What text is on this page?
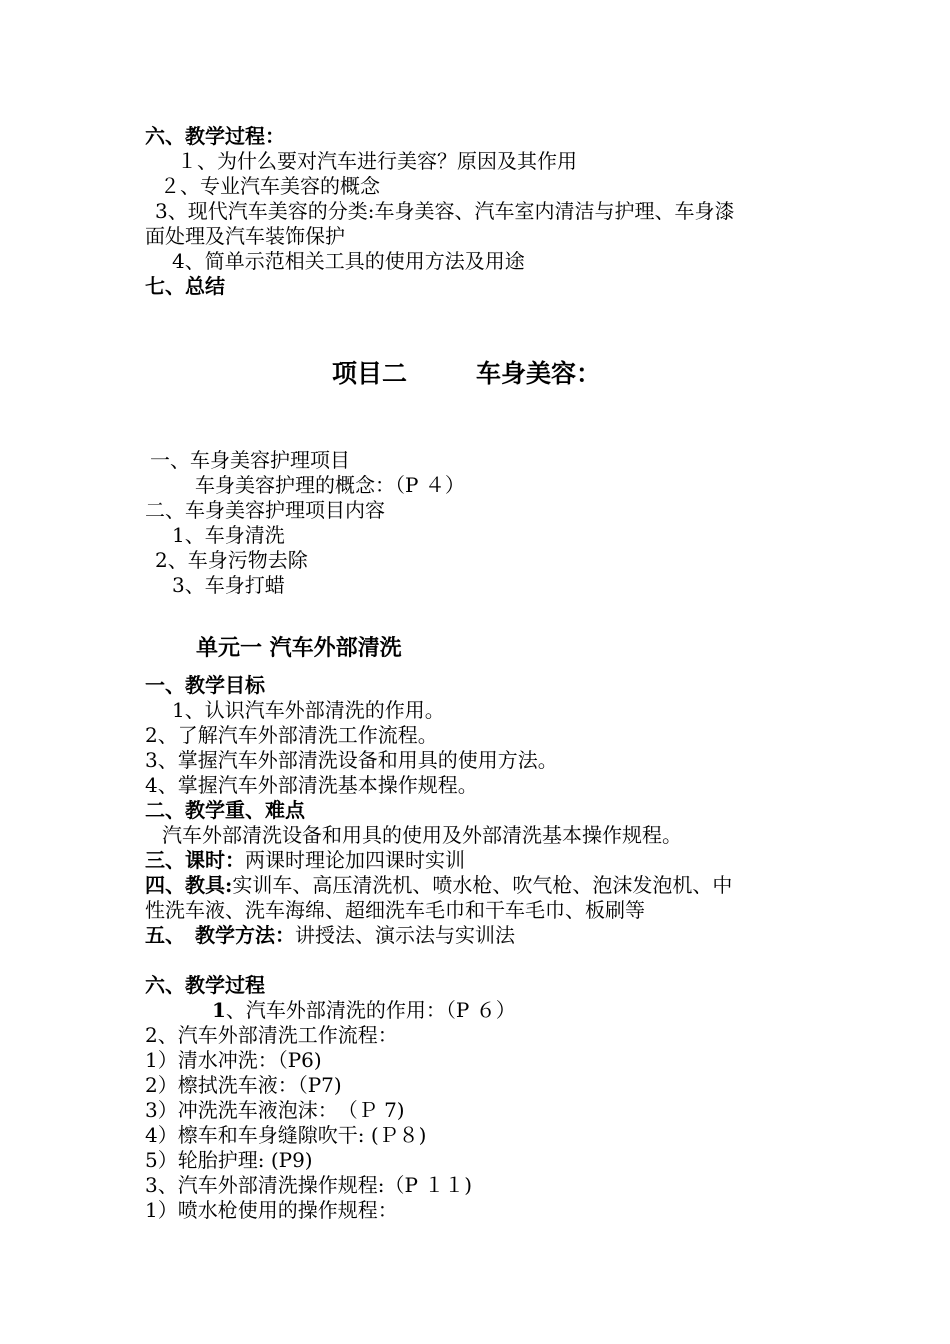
六、教学过程：
１、为什么要对汽车进行美容？原因及其作用
２、专业汽车美容的概念
3、现代汽车美容的分类:车身美容、汽车室内清洁与护理、车身漆
面处理及汽车装饰保护
4、简单示范相关工具的使用方法及用途
七、总结
项目二	车身美容：
一、车身美容护理项目
车身美容护理的概念：（P ４）
二、车身美容护理项目内容
1、车身清洗
2、车身污物去除
3、车身打蜡
单元一 汽车外部清洗
一、教学目标
1、认识汽车外部清洗的作用。
2、了解汽车外部清洗工作流程。
3、掌握汽车外部清洗设备和用具的使用方法。
4、掌握汽车外部清洗基本操作规程。
二、教学重、难点
汽车外部清洗设备和用具的使用及外部清洗基本操作规程。
三、课时：两课时理论加四课时实训
四、教具:实训车、高压清洗机、喷水枪、吹气枪、泡沫发泡机、中
性洗车液、洗车海绵、超细洗车毛巾和干车毛巾、板刷等
五、　教学方法：讲授法、演示法与实训法
六、教学过程
1、汽车外部清洗的作用：（P ６）
2、汽车外部清洗工作流程：
1）清水冲洗：（P6)
2）檫拭洗车液：（P7)
3）冲洗洗车液泡沫：　（Ｐ 7)
4）檫车和车身缝隙吹干: (Ｐ８)
5）轮胎护理: (P9)
3、汽车外部清洗操作规程:（P １１)
1）喷水枪使用的操作规程：
